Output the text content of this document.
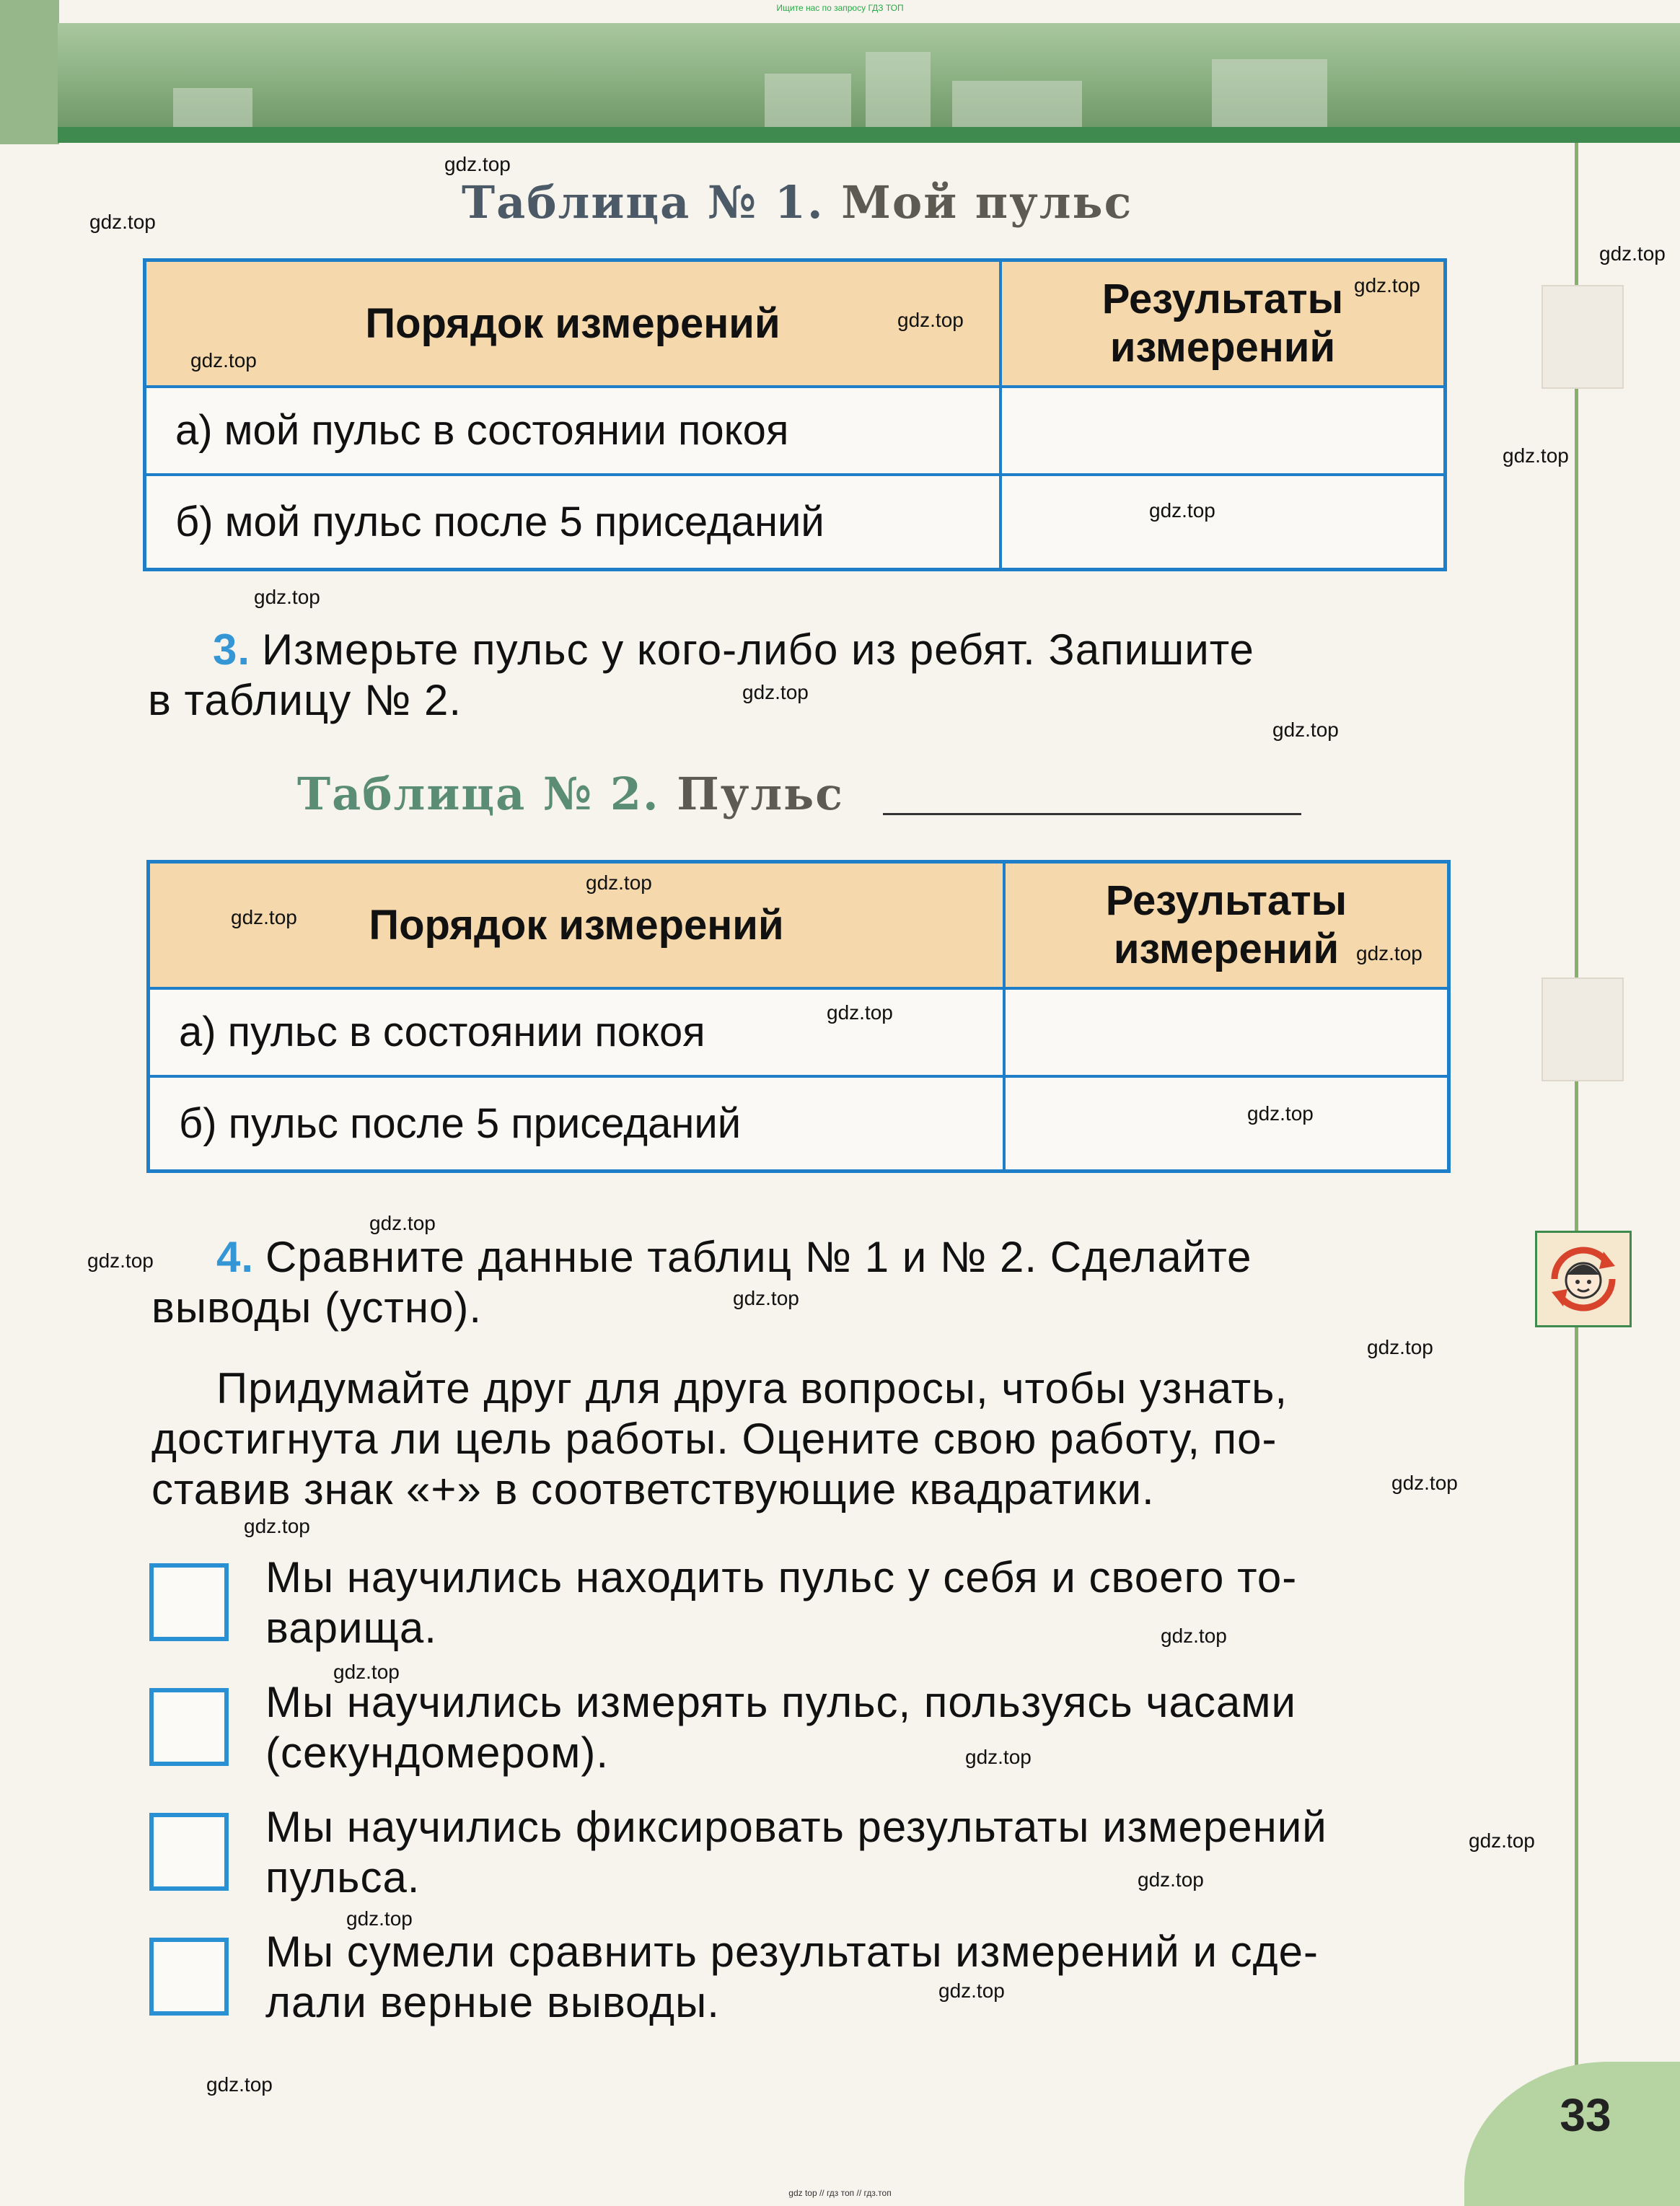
Ищите нас по запросу ГДЗ ТОП
Таблица № 1. Мой пульс
Порядок измерений	Результаты
измерений

а) мой пульс в состоянии покоя	
б) мой пульс после 5 приседаний	
3. Измерьте пульс у кого-либо из ребят. Запишите
в таблицу № 2.
Таблица № 2. Пульс
Порядок измерений	Результаты
измерений

а) пульс в состоянии покоя	
б) пульс после 5 приседаний	
4. Сравните данные таблиц № 1 и № 2. Сделайте
выводы (устно).
Придумайте друг для друга вопросы, чтобы узнать,
достигнута ли цель работы. Оцените свою работу, по-
ставив знак «+» в соответствующие квадратики.
Мы научились находить пульс у себя и своего то-
варища.
Мы научились измерять пульс, пользуясь часами
(секундомером).
Мы научились фиксировать результаты измерений
пульса.
Мы сумели сравнить результаты измерений и сде-
лали верные выводы.
33
gdz.top
gdz.top
gdz.top
gdz.top
gdz.top
gdz.top
gdz.top
gdz.top
gdz.top
gdz.top
gdz.top
gdz.top
gdz.top
gdz.top
gdz.top
gdz.top
gdz.top
gdz.top
gdz.top
gdz.top
gdz.top
gdz.top
gdz.top
gdz.top
gdz.top
gdz.top
gdz.top
gdz.top
gdz.top
gdz.top
gdz top // гдз топ // гдз.топ
